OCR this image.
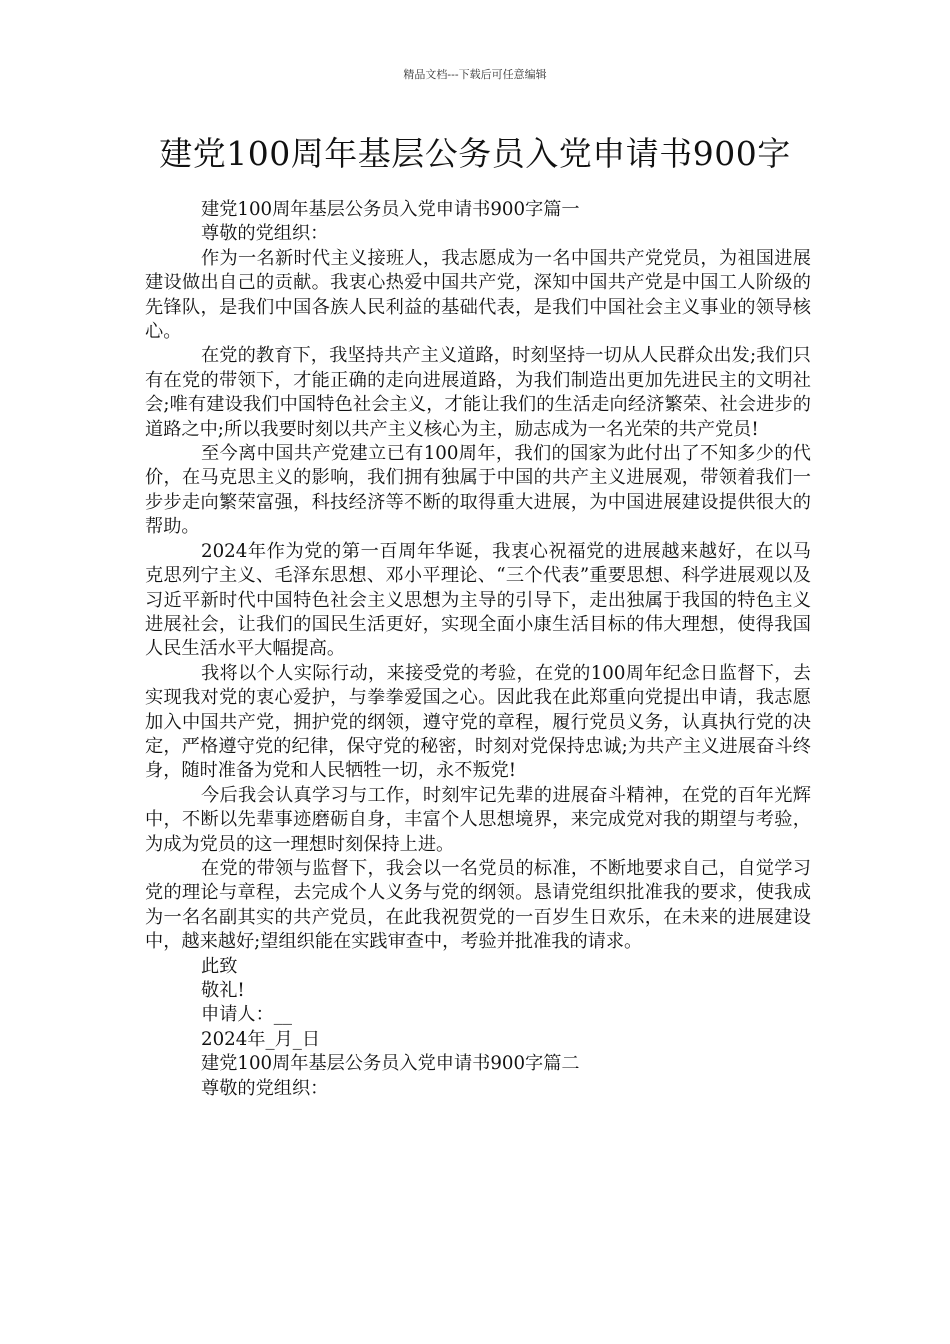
精品文档---下载后可任意编辑
建党100周年基层公务员入党申请书900字

建党100周年基层公务员入党申请书900字篇一

尊敬的党组织：

作为一名新时代主义接班人，我志愿成为一名中国共产党党员，为祖国进展建设做出自己的贡献。我衷心热爱中国共产党，深知中国共产党是中国工人阶级的先锋队，是我们中国各族人民利益的基础代表，是我们中国社会主义事业的领导核心。

在党的教育下，我坚持共产主义道路，时刻坚持一切从人民群众出发;我们只有在党的带领下，才能正确的走向进展道路，为我们制造出更加先进民主的文明社会;唯有建设我们中国特色社会主义，才能让我们的生活走向经济繁荣、社会进步的道路之中;所以我要时刻以共产主义核心为主，励志成为一名光荣的共产党员!

至今离中国共产党建立已有100周年，我们的国家为此付出了不知多少的代价，在马克思主义的影响，我们拥有独属于中国的共产主义进展观，带领着我们一步步走向繁荣富强，科技经济等不断的取得重大进展，为中国进展建设提供很大的帮助。

2024年作为党的第一百周年华诞，我衷心祝福党的进展越来越好，在以马克思列宁主义、毛泽东思想、邓小平理论、“三个代表”重要思想、科学进展观以及习近平新时代中国特色社会主义思想为主导的引导下，走出独属于我国的特色主义进展社会，让我们的国民生活更好，实现全面小康生活目标的伟大理想，使得我国人民生活水平大幅提高。

我将以个人实际行动，来接受党的考验，在党的100周年纪念日监督下，去实现我对党的衷心爱护，与拳拳爱国之心。因此我在此郑重向党提出申请，我志愿加入中国共产党，拥护党的纲领，遵守党的章程，履行党员义务，认真执行党的决定，严格遵守党的纪律，保守党的秘密，时刻对党保持忠诚;为共产主义进展奋斗终身，随时准备为党和人民牺牲一切，永不叛党!

今后我会认真学习与工作，时刻牢记先辈的进展奋斗精神，在党的百年光辉中，不断以先辈事迹磨砺自身，丰富个人思想境界，来完成党对我的期望与考验，为成为党员的这一理想时刻保持上进。

在党的带领与监督下，我会以一名党员的标准，不断地要求自己，自觉学习党的理论与章程，去完成个人义务与党的纲领。恳请党组织批准我的要求，使我成为一名名副其实的共产党员，在此我祝贺党的一百岁生日欢乐，在未来的进展建设中，越来越好;望组织能在实践审查中，考验并批准我的请求。

此致

敬礼!

申请人：__

2024年_月_日

建党100周年基层公务员入党申请书900字篇二

尊敬的党组织：
